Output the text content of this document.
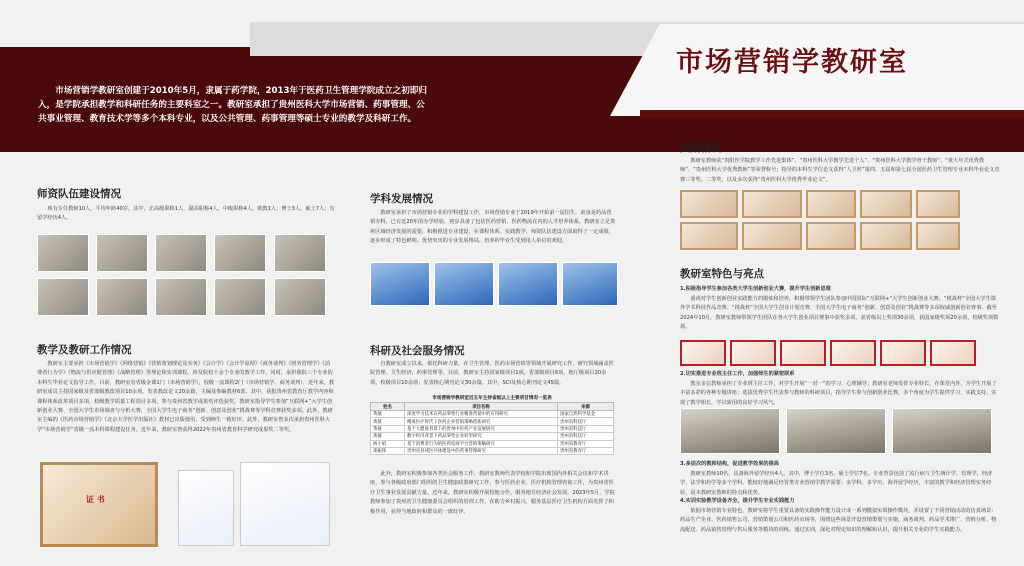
市场营销学教研室
市场营销学教研室创建于2010年5月，隶属于药学院，2013年于医药卫生管理学院成立之初即归入，是学院承担教学和科研任务的主要科室之一。教研室承担了贵州医科大学市场营销、药事管理、公共事业管理、教育技术学等多个本科专业，以及公共管理、药事管理等硕士专业的教学及科研工作。
师资队伍建设情况
现有专任教师10人，平均年龄40岁，其中，正高级职称1人，副高职称4人，中级职称4人，助教1人；博士3人，硕士7人；有留学经历4人。
教学及教研工作情况
教研室主要承担《市场营销学》《网络营销》《营销策划理论及实务》《会计学》《会计学原理》《商务谈判》《财务管理学》《消费者行为学》《物流与供应链管理》《战略管理》等理论和实训课程，涉及院校十余个专业的教学工作。同时，承担我院三个专业的本科生毕业论文指导工作。目前，教研室有省级金课1门（市场营销学），校级一流课程2门（市场营销学、商务谈判），近年来，教研室成员主持国家级及省部级教改项目10余项，发表教改论文20余篇，主编及参编教材6部。其中，获批贵州省教育厅教学内容和课程体系改革项目多项、校级教学质量工程项目多项，参与贵州省教学成果奖评选获奖。教研室指导学生参加“互联网+”大学生创新创业大赛、全国大学生市场调查与分析大赛、全国大学生电子商务“创新、创意及创业”挑战赛等学科竞赛获奖多项。此外，教研室主编的《医药市场营销学》《北京大学医学出版社》教材已出版使用，受到师生一致好评。此外，教研室曾多次承担贵州医科大学“市场营销学”省级一流本科课程建设任务，近年来，教研室曾获得2022年贵州省教育科学研究成果奖二等奖。
证 书
学科发展情况
教研室承担了市场营销专业的学科建设工作，市场营销专业于2019年开始第一届招生，前身是药品营销专科，已有近20年的办学经验，初步具备了包括医药营销、医药物流在内的人才培养体系，教研室立足贵州区域经济发展的需要，积极推进专业建设，在课程体系、实践教学、师资队伍建设方面取得了一定成绩，逐步形成了特色鲜明、优势突出的专业发展格局，培养的毕业生受到用人单位的欢迎。
科研及社会服务情况
自教研室成立以来，依托科研力量，在卫生管理、医药市场营销等领域开展研究工作，研究领域涵盖医院管理、卫生经济、药事管理等。目前，教研室主持国家级项目1项，省部级项目6项，地厅级项目20余项，校级项目10余项；发表核心期刊论文30余篇，其中，SCI及核心期刊论文45篇。
市场营销学教研室近五年主持省级以上主要项目情况一览表
姓名	项目名称	来源
黄敏	深度学习技术在药品零售行业精准营销中的应用研究	国家自然科学基金
黄敏	精准医疗时代下医药企业营销策略创新研究	贵州省科技厅
黄敏	基于大健康背景下的贵州中医药产业发展研究	贵州省科技厅
黄敏	数字经济背景下药品零售企业转型研究	贵州省科技厅
杨小娟	基于消费者行为的医药电商平台营销策略研究	贵州省教育厅
邵振锋	贵州省县域医共体建设中的药事管理研究	贵州省教育厅
此外，教研室积极参加各类社会服务工作，教研室教师代表学校和学院出席国内外相关会议和学术讲座，参与各级政府部门组织的卫生健康政策研究工作，参与医药企业、医疗机构管理咨询工作，为贵州省医疗卫生事业发展贡献力量。近年来，教研室积极开展校地合作，服务地方经济社会发展，2023年5月，学院教师参加了贵州省卫生健康委员会组织的培训工作，在助力乡村振兴、服务基层医疗卫生机构方面发挥了积极作用，获得当地政府和群众的一致好评。
奖励情况
教研室教师获“贵阳医学院教学工作先进集体”、“贵州医科大学教学先进个人”、“贵州医科大学教学骨干教师”、“黄大年式优秀教师”、“贵州医科大学优秀教师”等荣誉称号；指导的本科生学位论文获得“人卫杯”第四、五届和第七届全国医药卫生管理专业本科毕业论文竞赛三等奖、二等奖，以及多次获得“贵州医科大学优秀毕业论文”。
教研室特色与亮点
1.积极指导学生参加各类大学生创新创业大赛，提升学生创新思维
重视对学生创新创业实践能力的锻炼和培养，积极带领学生团队参加中国国际“互联网+”大学生创新创业大赛、“挑战杯”全国大学生课外学术科技作品竞赛、“挑战杯”全国大学生创业计划竞赛、全国大学生电子商务“创新、创意及创业”挑战赛等多项权威创新创业赛事。截至2024年10月，教研室教师带领学生团队在各大学生创业项目赛事中获奖多项，获省级以上奖项30余项，获国家级奖项20余项，校级奖项数项。
2.切实推进专业班主任工作，加强师生的紧密联系
教室多位教师承担了专业班主任工作，对学生开展“一对一”的学习、心理辅导；教研室老师发挥专业特长，在课堂内外，为学生开展了丰富多彩的各种专题讲座；选拔优秀学生代表参与教师的科研项目，指导学生参与创新创业比赛，多个角度为学生提供学习、实践支持，实现了教学相长，学以致用的良好学习风气。
3.多层次的教师结构，促进教学效果的提高
教研室教师10名，具备海外留学经历4人，其中，博士学位3名，硕士学位7名。专业背景包括了流行病与卫生统计学、管理学、经济学、法学和药学等多个学科，能较好地满足经管类专业营销学教学需要；多学科、多学历、海外留学经历，丰富的教学和经济管理实务经验，是本教研室教师的特点和优势。
4.实训实验教学设备齐全，提升学生专业实践能力
依据市场营销专业特色，教研室将学生重要具备的实践操作能力设计成一系列模拟实训操作模块，并设置了不同营销活动的仿真场景：药品生产企业、医药销售公司、营销策划公司和医药市场等，围绕这些场景开设营销策划与实施、商务谈判、药品学术推广、营销分析、物流配送、药品销售管理与售后服务等模块的训练。通过实训，深化对理论知识的理解和认识，提升相关专业的学生实践能力。
